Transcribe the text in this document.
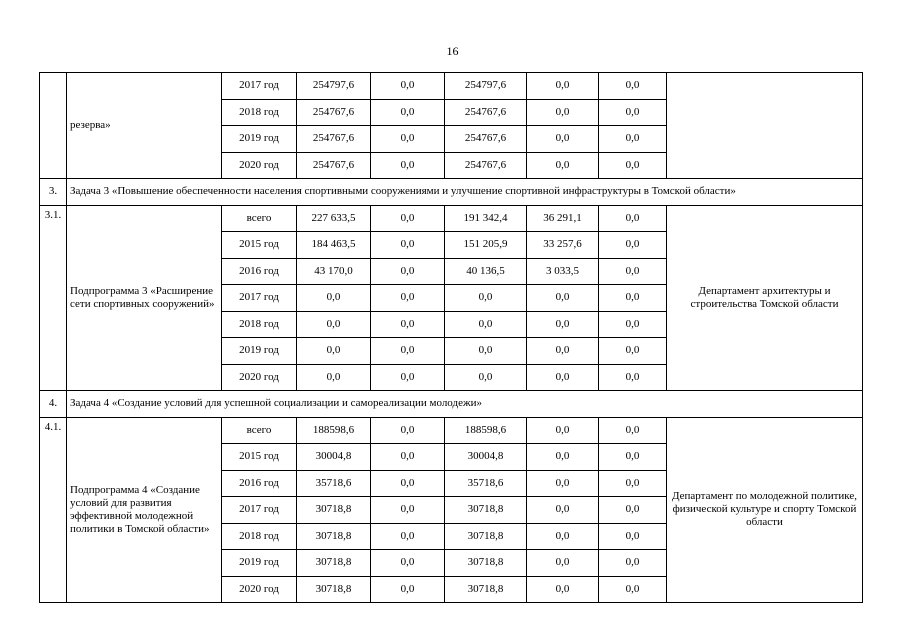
16
	резерва»	2017 год	254797,6	0,0	254797,6	0,0	0,0	
		2018 год	254767,6	0,0	254767,6	0,0	0,0	
		2019 год	254767,6	0,0	254767,6	0,0	0,0	
		2020 год	254767,6	0,0	254767,6	0,0	0,0	
3.	Задача 3 «Повышение обеспеченности населения спортивными сооружениями и улучшение спортивной инфраструктуры в Томской области»							
3.1.	Подпрограмма 3 «Расширение сети спортивных сооружений»	всего	227 633,5	0,0	191 342,4	36 291,1	0,0	Департамент архитектуры и строительства Томской области
		2015 год	184 463,5	0,0	151 205,9	33 257,6	0,0	
		2016 год	43 170,0	0,0	40 136,5	3 033,5	0,0	
		2017 год	0,0	0,0	0,0	0,0	0,0	
		2018 год	0,0	0,0	0,0	0,0	0,0	
		2019 год	0,0	0,0	0,0	0,0	0,0	
		2020 год	0,0	0,0	0,0	0,0	0,0	
4.	Задача 4 «Создание условий для успешной социализации и самореализации молодежи»							
4.1.	Подпрограмма 4 «Создание условий для развития эффективной молодежной политики в Томской области»	всего	188598,6	0,0	188598,6	0,0	0,0	Департамент по молодежной политике, физической культуре и спорту Томской области
		2015 год	30004,8	0,0	30004,8	0,0	0,0	
		2016 год	35718,6	0,0	35718,6	0,0	0,0	
		2017 год	30718,8	0,0	30718,8	0,0	0,0	
		2018 год	30718,8	0,0	30718,8	0,0	0,0	
		2019 год	30718,8	0,0	30718,8	0,0	0,0	
		2020 год	30718,8	0,0	30718,8	0,0	0,0	
